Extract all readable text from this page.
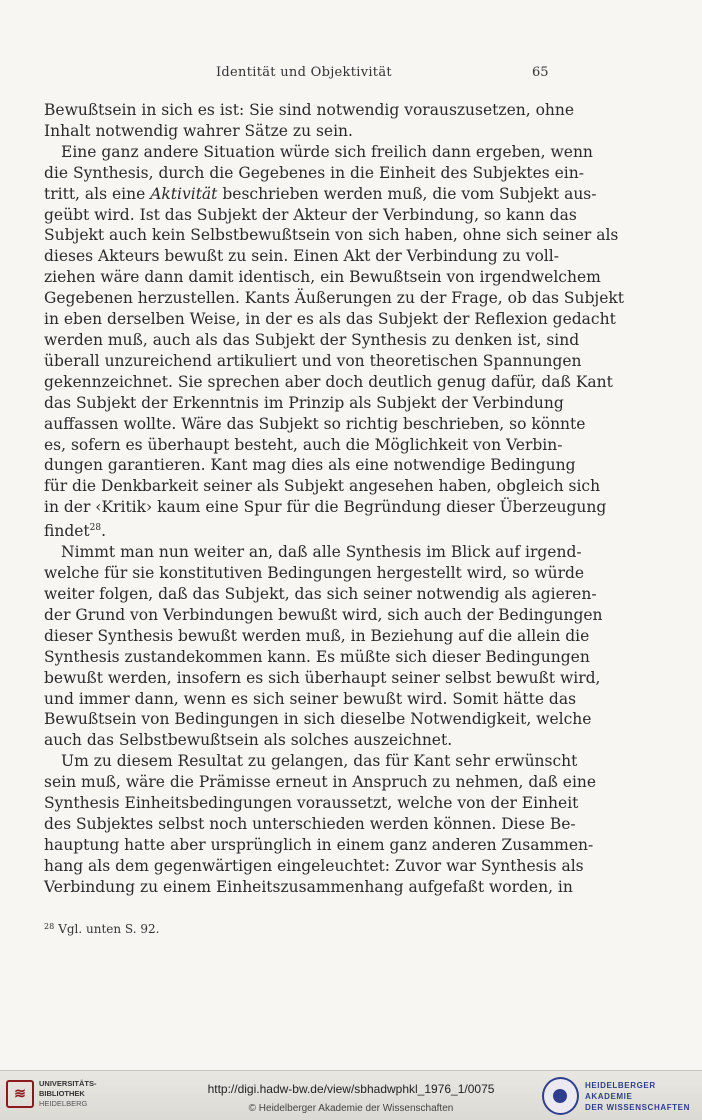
Identität und Objektivität	65
Bewußtsein in sich es ist: Sie sind notwendig vorauszusetzen, ohne
Inhalt notwendig wahrer Sätze zu sein.
Eine ganz andere Situation würde sich freilich dann ergeben, wenn
die Synthesis, durch die Gegebenes in die Einheit des Subjektes ein-
tritt, als eine Aktivität beschrieben werden muß, die vom Subjekt aus-
geübt wird. Ist das Subjekt der Akteur der Verbindung, so kann das
Subjekt auch kein Selbstbewußtsein von sich haben, ohne sich seiner als
dieses Akteurs bewußt zu sein. Einen Akt der Verbindung zu voll-
ziehen wäre dann damit identisch, ein Bewußtsein von irgendwelchem
Gegebenen herzustellen. Kants Äußerungen zu der Frage, ob das Subjekt
in eben derselben Weise, in der es als das Subjekt der Reflexion gedacht
werden muß, auch als das Subjekt der Synthesis zu denken ist, sind
überall unzureichend artikuliert und von theoretischen Spannungen
gekennzeichnet. Sie sprechen aber doch deutlich genug dafür, daß Kant
das Subjekt der Erkenntnis im Prinzip als Subjekt der Verbindung
auffassen wollte. Wäre das Subjekt so richtig beschrieben, so könnte
es, sofern es überhaupt besteht, auch die Möglichkeit von Verbin-
dungen garantieren. Kant mag dies als eine notwendige Bedingung
für die Denkbarkeit seiner als Subjekt angesehen haben, obgleich sich
in der ‹Kritik› kaum eine Spur für die Begründung dieser Überzeugung
findet$^{28}$.
Nimmt man nun weiter an, daß alle Synthesis im Blick auf irgend-
welche für sie konstitutiven Bedingungen hergestellt wird, so würde
weiter folgen, daß das Subjekt, das sich seiner notwendig als agieren-
der Grund von Verbindungen bewußt wird, sich auch der Bedingungen
dieser Synthesis bewußt werden muß, in Beziehung auf die allein die
Synthesis zustandekommen kann. Es müßte sich dieser Bedingungen
bewußt werden, insofern es sich überhaupt seiner selbst bewußt wird,
und immer dann, wenn es sich seiner bewußt wird. Somit hätte das
Bewußtsein von Bedingungen in sich dieselbe Notwendigkeit, welche
auch das Selbstbewußtsein als solches auszeichnet.
Um zu diesem Resultat zu gelangen, das für Kant sehr erwünscht
sein muß, wäre die Prämisse erneut in Anspruch zu nehmen, daß eine
Synthesis Einheitsbedingungen voraussetzt, welche von der Einheit
des Subjektes selbst noch unterschieden werden können. Diese Be-
hauptung hatte aber ursprünglich in einem ganz anderen Zusammen-
hang als dem gegenwärtigen eingeleuchtet: Zuvor war Synthesis als
Verbindung zu einem Einheitszusammenhang aufgefaßt worden, in
$^{28}$ Vgl. unten S. 92.
≋
UNIVERSITÄTS-
BIBLIOTHEK
HEIDELBERG
http://digi.hadw-bw.de/view/sbhadwphkl_1976_1/0075
© Heidelberger Akademie der Wissenschaften
HEIDELBERGER AKADEMIE
DER WISSENSCHAFTEN
